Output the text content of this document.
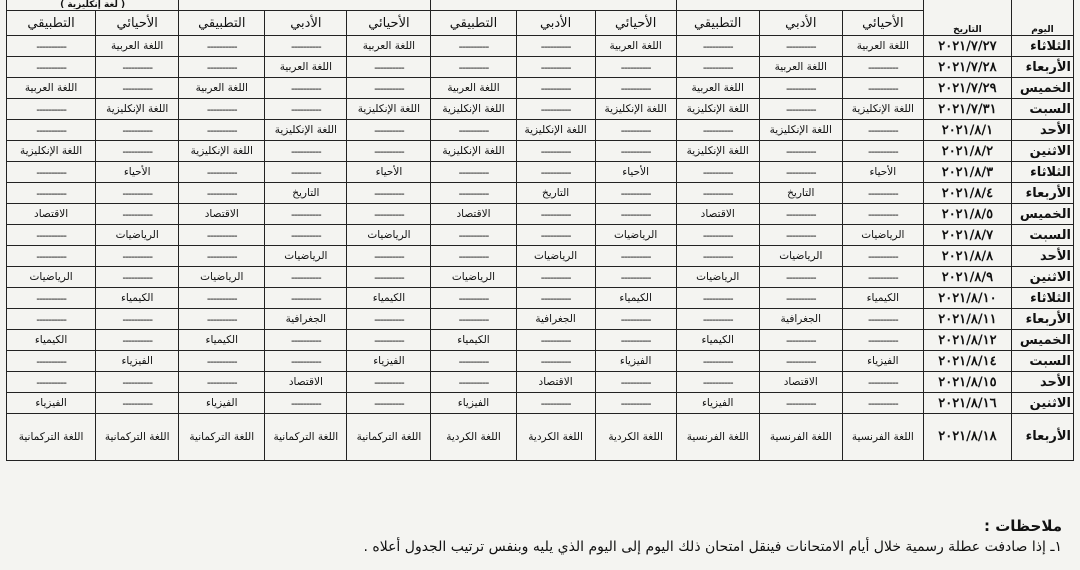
اليوم	التاريخ										( لغة إنكليزية )	
		الأحيائي	الأدبي	التطبيقي	الأحيائي	الأدبي	التطبيقي	الأحيائي	الأدبي	التطبيقي	الأحيائي	التطبيقي
الثلاثاء	٢٠٢١/٧/٢٧	اللغة العربية	----------	----------	اللغة العربية	----------	----------	اللغة العربية	----------	----------	اللغة العربية	----------
الأربعاء	٢٠٢١/٧/٢٨	----------	اللغة العربية	----------	----------	----------	----------	----------	اللغة العربية	----------	----------	----------
الخميس	٢٠٢١/٧/٢٩	----------	----------	اللغة العربية	----------	----------	اللغة العربية	----------	----------	اللغة العربية	----------	اللغة العربية
السبت	٢٠٢١/٧/٣١	اللغة الإنكليزية	----------	اللغة الإنكليزية	اللغة الإنكليزية	----------	اللغة الإنكليزية	اللغة الإنكليزية	----------	----------	اللغة الإنكليزية	----------
الأحد	٢٠٢١/٨/١	----------	اللغة الإنكليزية	----------	----------	اللغة الإنكليزية	----------	----------	اللغة الإنكليزية	----------	----------	----------
الاثنين	٢٠٢١/٨/٢	----------	----------	اللغة الإنكليزية	----------	----------	اللغة الإنكليزية	----------	----------	اللغة الإنكليزية	----------	اللغة الإنكليزية
الثلاثاء	٢٠٢١/٨/٣	الأحياء	----------	----------	الأحياء	----------	----------	الأحياء	----------	----------	الأحياء	----------
الأربعاء	٢٠٢١/٨/٤	----------	التاريخ	----------	----------	التاريخ	----------	----------	التاريخ	----------	----------	----------
الخميس	٢٠٢١/٨/٥	----------	----------	الاقتصاد	----------	----------	الاقتصاد	----------	----------	الاقتصاد	----------	الاقتصاد
السبت	٢٠٢١/٨/٧	الرياضيات	----------	----------	الرياضيات	----------	----------	الرياضيات	----------	----------	الرياضيات	----------
الأحد	٢٠٢١/٨/٨	----------	الرياضيات	----------	----------	الرياضيات	----------	----------	الرياضيات	----------	----------	----------
الاثنين	٢٠٢١/٨/٩	----------	----------	الرياضيات	----------	----------	الرياضيات	----------	----------	الرياضيات	----------	الرياضيات
الثلاثاء	٢٠٢١/٨/١٠	الكيمياء	----------	----------	الكيمياء	----------	----------	الكيمياء	----------	----------	الكيمياء	----------
الأربعاء	٢٠٢١/٨/١١	----------	الجغرافية	----------	----------	الجغرافية	----------	----------	الجغرافية	----------	----------	----------
الخميس	٢٠٢١/٨/١٢	----------	----------	الكيمياء	----------	----------	الكيمياء	----------	----------	الكيمياء	----------	الكيمياء
السبت	٢٠٢١/٨/١٤	الفيزياء	----------	----------	الفيزياء	----------	----------	الفيزياء	----------	----------	الفيزياء	----------
الأحد	٢٠٢١/٨/١٥	----------	الاقتصاد	----------	----------	الاقتصاد	----------	----------	الاقتصاد	----------	----------	----------
الاثنين	٢٠٢١/٨/١٦	----------	----------	الفيزياء	----------	----------	الفيزياء	----------	----------	الفيزياء	----------	الفيزياء
الأربعاء	٢٠٢١/٨/١٨	اللغة الفرنسية	اللغة الفرنسية	اللغة الفرنسية	اللغة الكردية	اللغة الكردية	اللغة الكردية	اللغة التركمانية	اللغة التركمانية	اللغة التركمانية	اللغة التركمانية	اللغة التركمانية
ملاحظات :
١ـ إذا صادفت عطلة رسمية خلال أيام الامتحانات فينقل امتحان ذلك اليوم إلى اليوم الذي يليه وبنفس ترتيب الجدول أعلاه .
